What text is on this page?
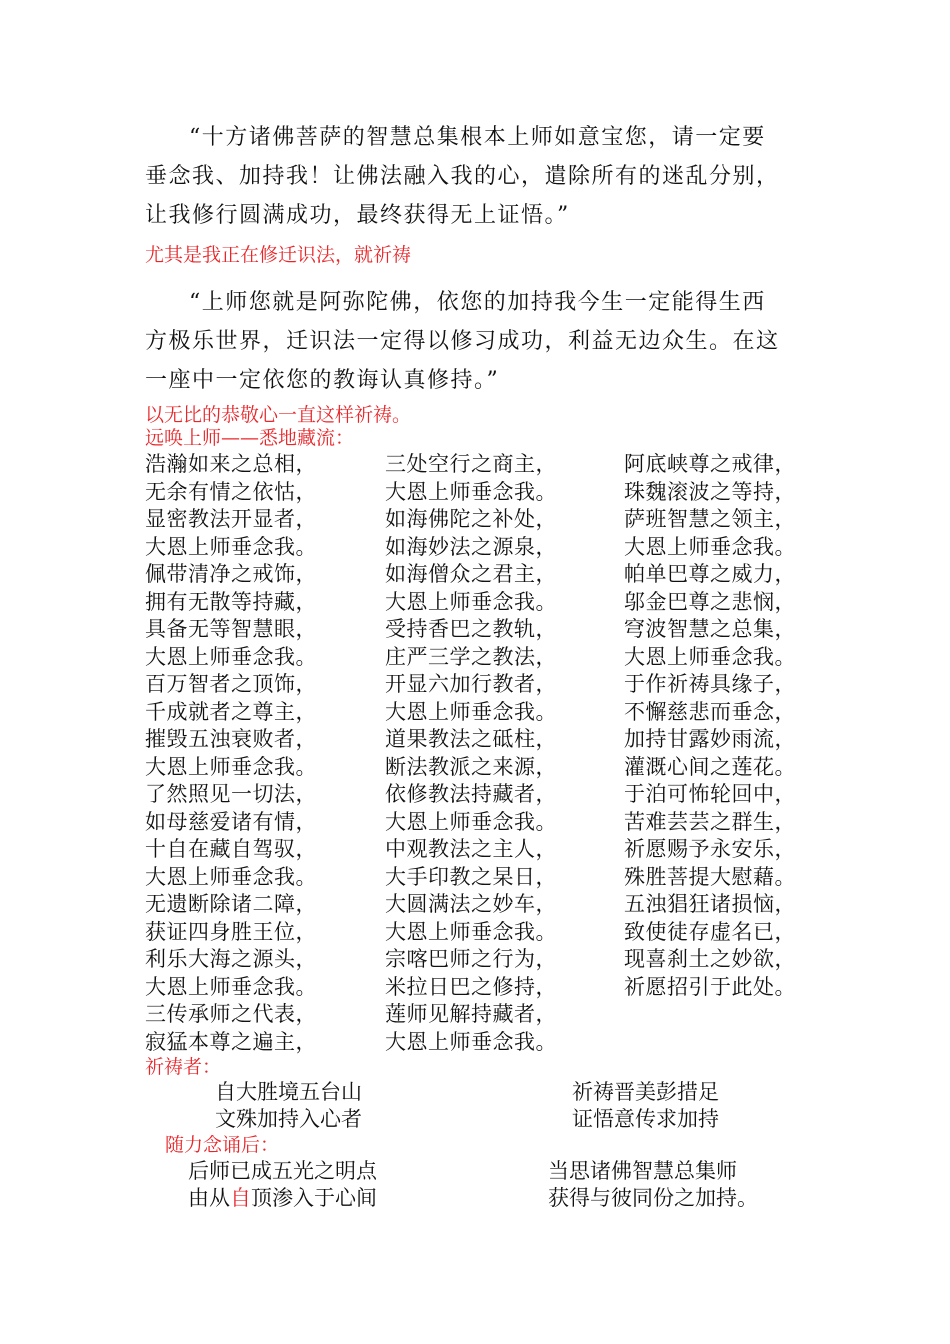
“十方诸佛菩萨的智慧总集根本上师如意宝您，请一定要
垂念我、加持我！让佛法融入我的心，遣除所有的迷乱分别，
让我修行圆满成功，最终获得无上证悟。”
尤其是我正在修迁识法，就祈祷
“上师您就是阿弥陀佛，依您的加持我今生一定能得生西
方极乐世界，迁识法一定得以修习成功，利益无边众生。在这
一座中一定依您的教诲认真修持。”
以无比的恭敬心一直这样祈祷。
远唤上师——悉地藏流：
浩瀚如来之总相，
无余有情之依怙，
显密教法开显者，
大恩上师垂念我。
佩带清净之戒饰，
拥有无散等持藏，
具备无等智慧眼，
大恩上师垂念我。
百万智者之顶饰，
千成就者之尊主，
摧毁五浊衰败者，
大恩上师垂念我。
了然照见一切法，
如母慈爱诸有情，
十自在藏自驾驭，
大恩上师垂念我。
无遗断除诸二障，
获证四身胜王位，
利乐大海之源头，
大恩上师垂念我。
三传承师之代表，
寂猛本尊之遍主，
三处空行之商主，
大恩上师垂念我。
如海佛陀之补处，
如海妙法之源泉，
如海僧众之君主，
大恩上师垂念我。
受持香巴之教轨，
庄严三学之教法，
开显六加行教者，
大恩上师垂念我。
道果教法之砥柱，
断法教派之来源，
依修教法持藏者，
大恩上师垂念我。
中观教法之主人，
大手印教之杲日，
大圆满法之妙车，
大恩上师垂念我。
宗喀巴师之行为，
米拉日巴之修持，
莲师见解持藏者，
大恩上师垂念我。
阿底峡尊之戒律，
珠魏滚波之等持，
萨班智慧之领主，
大恩上师垂念我。
帕单巴尊之威力，
邬金巴尊之悲悯，
穹波智慧之总集，
大恩上师垂念我。
于作祈祷具缘子，
不懈慈悲而垂念，
加持甘露妙雨流，
灌溉心间之莲花。
于泊可怖轮回中，
苦难芸芸之群生，
祈愿赐予永安乐，
殊胜菩提大慰藉。
五浊猖狂诸损恼，
致使徒存虚名已，
现喜刹土之妙欲，
祈愿招引于此处。
祈祷者：
自大胜境五台山
文殊加持入心者
祈祷晋美彭措足
证悟意传求加持
随力念诵后：
后师已成五光之明点
由从自顶渗入于心间
当思诸佛智慧总集师
获得与彼同份之加持。
